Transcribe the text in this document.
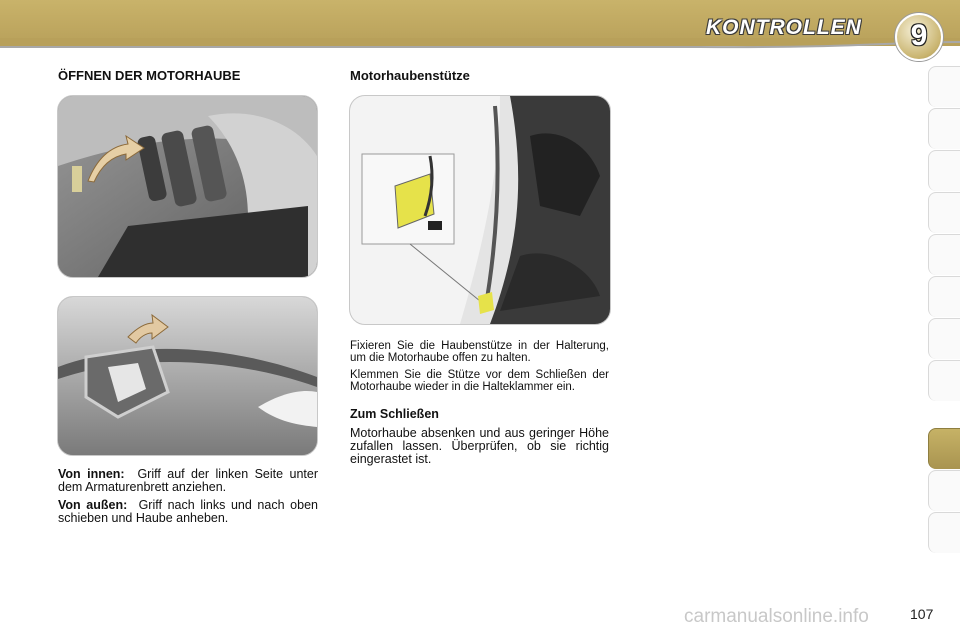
KONTROLLEN	9
ÖFFNEN DER MOTORHAUBE

Von innen: Griff auf der linken Seite unter dem Armaturenbrett anziehen.

Von außen: Griff nach links und nach oben schieben und Haube anheben.

Motorhaubenstütze

Fixieren Sie die Haubenstütze in der Halterung, um die Motorhaube offen zu halten.

Klemmen Sie die Stütze vor dem Schließen der Motorhaube wieder in die Halteklammer ein.

Zum Schließen

Motorhaube absenken und aus geringer Höhe zufallen lassen. Überprüfen, ob sie richtig eingerastet ist.

carmanualsonline.info	107
